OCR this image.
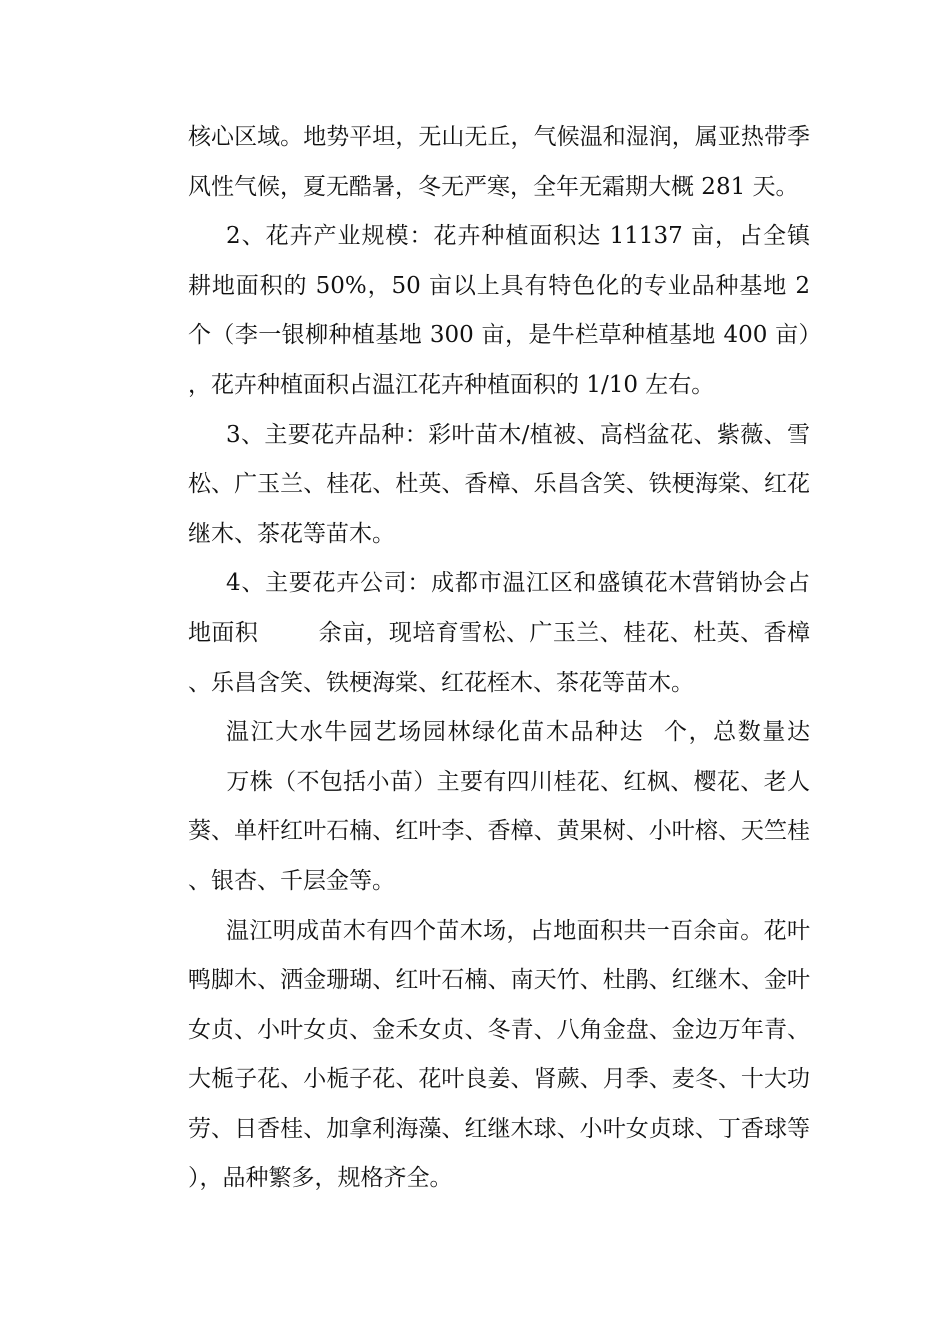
核心区域。地势平坦，无山无丘，气候温和湿润，属亚热带季风性气候，夏无酷暑，冬无严寒，全年无霜期大概 281 天。

2、花卉产业规模：花卉种植面积达 11137 亩，占全镇耕地面积的 50%，50 亩以上具有特色化的专业品种基地 2 个（李一银柳种植基地 300 亩，是牛栏草种植基地 400 亩），花卉种植面积占温江花卉种植面积的 1/10 左右。

3、主要花卉品种：彩叶苗木/植被、高档盆花、紫薇、雪松、广玉兰、桂花、杜英、香樟、乐昌含笑、铁梗海棠、红花继木、茶花等苗木。

4、主要花卉公司：成都市温江区和盛镇花木营销协会占地面积	余亩，现培育雪松、广玉兰、桂花、杜英、香樟、乐昌含笑、铁梗海棠、红花桎木、茶花等苗木。

温江大水牛园艺场园林绿化苗木品种达 个，总数量达万株（不包括小苗）主要有四川桂花、红枫、樱花、老人葵、单杆红叶石楠、红叶李、香樟、黄果树、小叶榕、天竺桂、银杏、千层金等。

温江明成苗木有四个苗木场，占地面积共一百余亩。花叶鸭脚木、洒金珊瑚、红叶石楠、南天竹、杜鹃、红继木、金叶女贞、小叶女贞、金禾女贞、冬青、八角金盘、金边万年青、大栀子花、小栀子花、花叶良姜、肾蕨、月季、麦冬、十大功劳、日香桂、加拿利海藻、红继木球、小叶女贞球、丁香球等），品种繁多，规格齐全。
